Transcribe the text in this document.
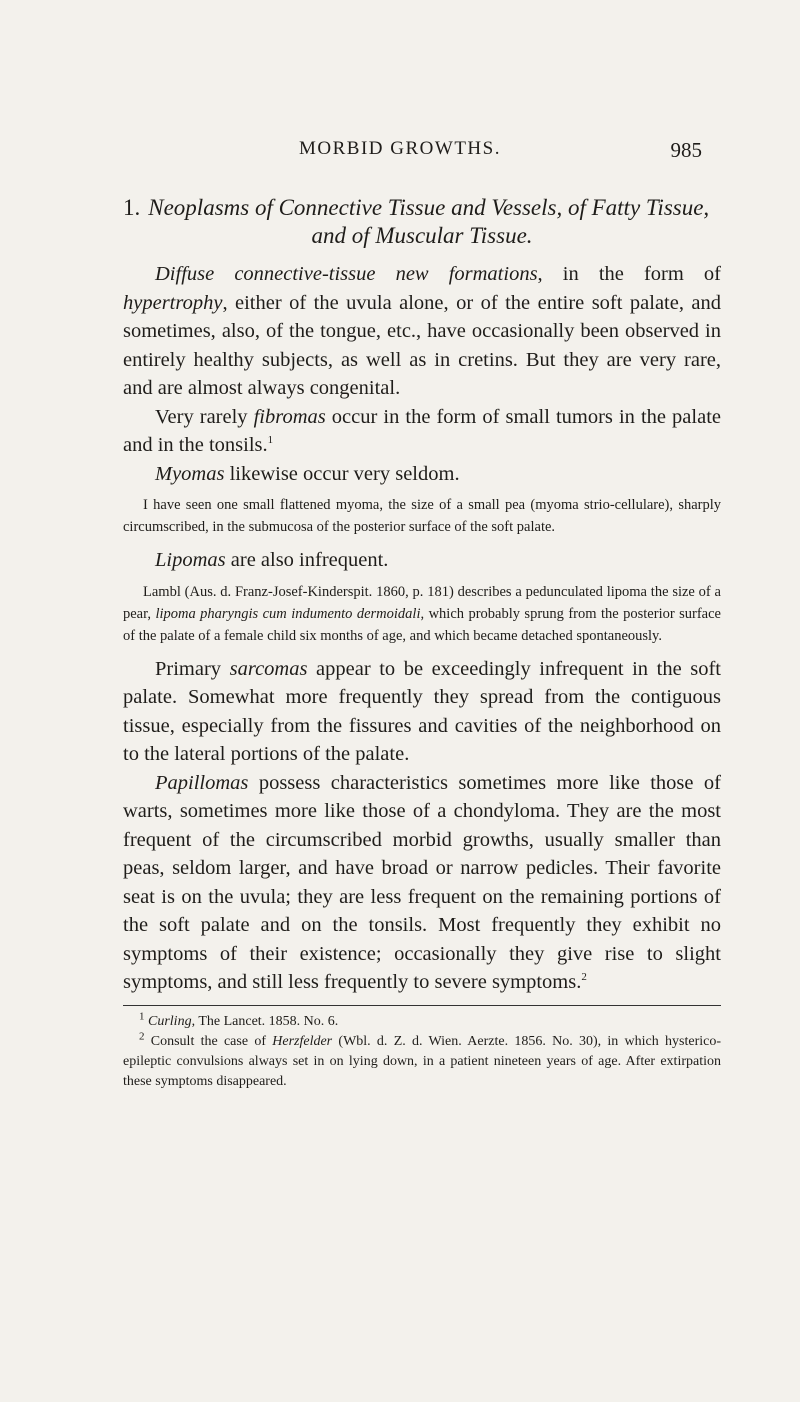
MORBID GROWTHS.	985
1. Neoplasms of Connective Tissue and Vessels, of Fatty Tissue,
and of Muscular Tissue.

Diffuse connective-tissue new formations, in the form of hypertrophy, either of the uvula alone, or of the entire soft palate, and sometimes, also, of the tongue, etc., have occasionally been observed in entirely healthy subjects, as well as in cretins. But they are very rare, and are almost always congenital.

Very rarely fibromas occur in the form of small tumors in the palate and in the tonsils.$^1$

Myomas likewise occur very seldom.

I have seen one small flattened myoma, the size of a small pea (myoma strio-cellulare), sharply circumscribed, in the submucosa of the posterior surface of the soft palate.

Lipomas are also infrequent.

Lambl (Aus. d. Franz-Josef-Kinderspit. 1860, p. 181) describes a pedunculated lipoma the size of a pear, lipoma pharyngis cum indumento dermoidali, which probably sprung from the posterior surface of the palate of a female child six months of age, and which became detached spontaneously.

Primary sarcomas appear to be exceedingly infrequent in the soft palate. Somewhat more frequently they spread from the contiguous tissue, especially from the fissures and cavities of the neighborhood on to the lateral portions of the palate.

Papillomas possess characteristics sometimes more like those of warts, sometimes more like those of a chondyloma. They are the most frequent of the circumscribed morbid growths, usually smaller than peas, seldom larger, and have broad or narrow pedicles. Their favorite seat is on the uvula; they are less frequent on the remaining portions of the soft palate and on the tonsils. Most frequently they exhibit no symptoms of their existence; occasionally they give rise to slight symptoms, and still less frequently to severe symptoms.$^2$

$^1$ Curling, The Lancet. 1858. No. 6.

$^2$ Consult the case of Herzfelder (Wbl. d. Z. d. Wien. Aerzte. 1856. No. 30), in which hysterico-epileptic convulsions always set in on lying down, in a patient nineteen years of age. After extirpation these symptoms disappeared.
